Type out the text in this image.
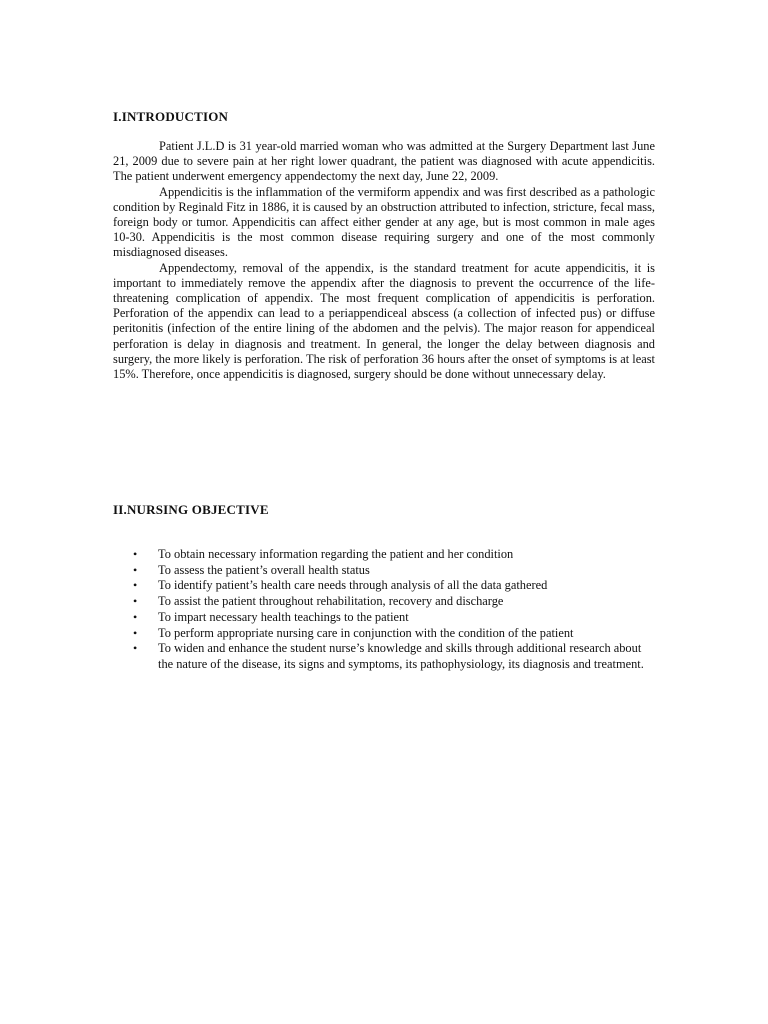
I.INTRODUCTION

Patient J.L.D is 31 year-old married woman who was admitted at the Surgery Department last June 21, 2009 due to severe pain at her right lower quadrant, the patient was diagnosed with acute appendicitis. The patient underwent emergency appendectomy the next day, June 22, 2009.

Appendicitis is the inflammation of the vermiform appendix and was first described as a pathologic condition by Reginald Fitz in 1886, it is caused by an obstruction attributed to infection, stricture, fecal mass, foreign body or tumor. Appendicitis can affect either gender at any age, but is most common in male ages 10-30. Appendicitis is the most common disease requiring surgery and one of the most commonly misdiagnosed diseases.

Appendectomy, removal of the appendix, is the standard treatment for acute appendicitis, it is important to immediately remove the appendix after the diagnosis to prevent the occurrence of the life-threatening complication of appendix. The most frequent complication of appendicitis is perforation. Perforation of the appendix can lead to a periappendiceal abscess (a collection of infected pus) or diffuse peritonitis (infection of the entire lining of the abdomen and the pelvis). The major reason for appendiceal perforation is delay in diagnosis and treatment. In general, the longer the delay between diagnosis and surgery, the more likely is perforation. The risk of perforation 36 hours after the onset of symptoms is at least 15%. Therefore, once appendicitis is diagnosed, surgery should be done without unnecessary delay.

II.NURSING OBJECTIVE
• To obtain necessary information regarding the patient and her condition
• To assess the patient’s overall health status
• To identify patient’s health care needs through analysis of all the data gathered
• To assist the patient throughout rehabilitation, recovery and discharge
• To impart necessary health teachings to the patient
• To perform appropriate nursing care in conjunction with the condition of the patient
• To widen and enhance the student nurse’s knowledge and skills through additional research about the nature of the disease, its signs and symptoms, its pathophysiology, its diagnosis and treatment.
